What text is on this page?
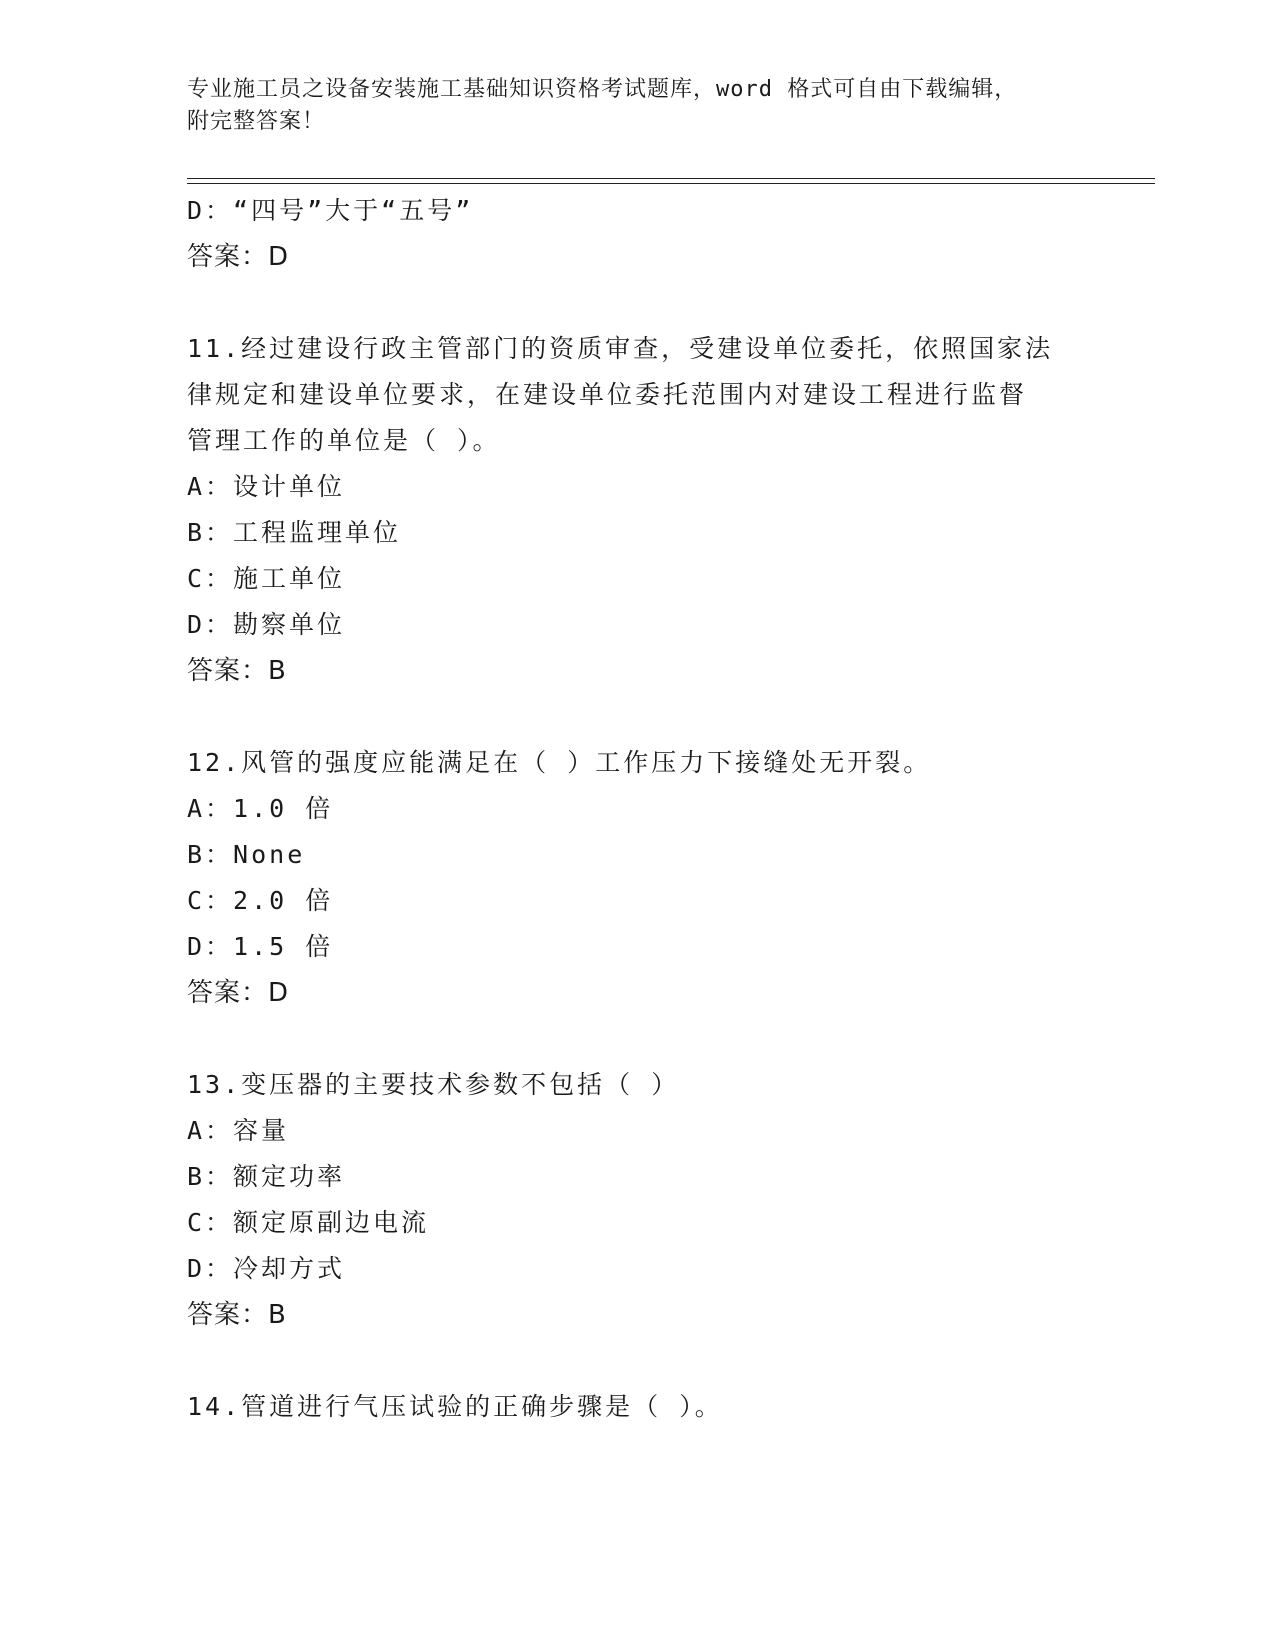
专业施工员之设备安装施工基础知识资格考试题库，word 格式可自由下载编辑，
附完整答案！
D：“四号”大于“五号”
答案：D
11.经过建设行政主管部门的资质审查，受建设单位委托，依照国家法
律规定和建设单位要求，在建设单位委托范围内对建设工程进行监督
管理工作的单位是（ ）。
A：设计单位
B：工程监理单位
C：施工单位
D：勘察单位
答案：B
12.风管的强度应能满足在（ ）工作压力下接缝处无开裂。
A：1.0 倍
B：None
C：2.0 倍
D：1.5 倍
答案：D
13.变压器的主要技术参数不包括（ ）
A：容量
B：额定功率
C：额定原副边电流
D：冷却方式
答案：B
14.管道进行气压试验的正确步骤是（ ）。
